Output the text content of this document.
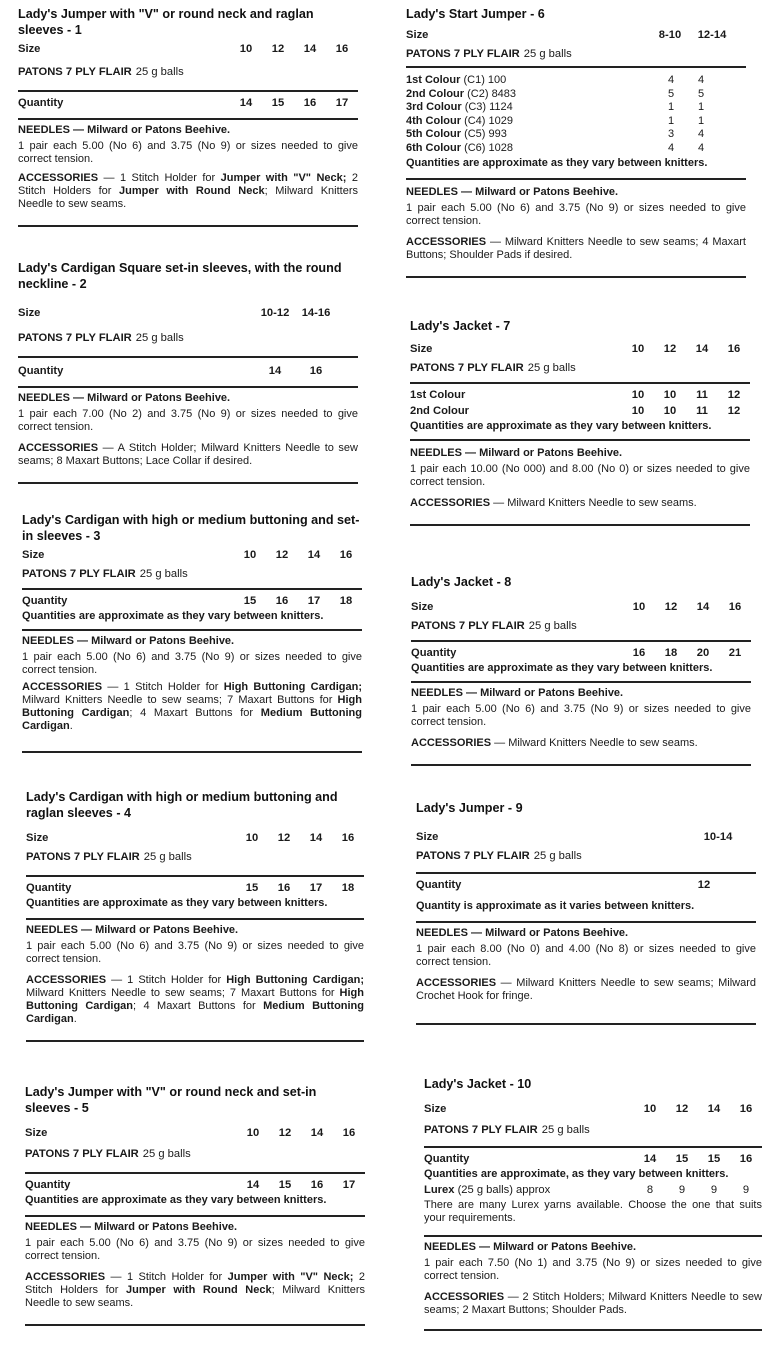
Lady's Jumper with "V" or round neck and raglan sleeves - 1
Size	10	12	14	16
PATONS 7 PLY FLAIR 25 g balls
Quantity	14	15	16	17
NEEDLES — Milward or Patons Beehive.
1 pair each 5.00 (No 6) and 3.75 (No 9) or sizes needed to give correct tension.
ACCESSORIES — 1 Stitch Holder for Jumper with "V" Neck; 2 Stitch Holders for Jumper with Round Neck; Milward Knitters Needle to sew seams.
Lady's Cardigan Square set-in sleeves, with the round neckline - 2
Size	10-12	14-16
PATONS 7 PLY FLAIR 25 g balls
Quantity	14	16
NEEDLES — Milward or Patons Beehive.
1 pair each 7.00 (No 2) and 3.75 (No 9) or sizes needed to give correct tension.
ACCESSORIES — A Stitch Holder; Milward Knitters Needle to sew seams; 8 Maxart Buttons; Lace Collar if desired.
Lady's Cardigan with high or medium buttoning and set-in sleeves - 3
Size	10	12	14	16
PATONS 7 PLY FLAIR 25 g balls
Quantity	15	16	17	18
Quantities are approximate as they vary between knitters.
NEEDLES — Milward or Patons Beehive.
1 pair each 5.00 (No 6) and 3.75 (No 9) or sizes needed to give correct tension.
ACCESSORIES — 1 Stitch Holder for High Buttoning Cardigan; Milward Knitters Needle to sew seams; 7 Maxart Buttons for High Buttoning Cardigan; 4 Maxart Buttons for Medium Buttoning Cardigan.
Lady's Cardigan with high or medium buttoning and raglan sleeves - 4
Size	10	12	14	16
PATONS 7 PLY FLAIR 25 g balls
Quantity	15	16	17	18
Quantities are approximate as they vary between knitters.
NEEDLES — Milward or Patons Beehive.
1 pair each 5.00 (No 6) and 3.75 (No 9) or sizes needed to give correct tension.
ACCESSORIES — 1 Stitch Holder for High Buttoning Cardigan; Milward Knitters Needle to sew seams; 7 Maxart Buttons for High Buttoning Cardigan; 4 Maxart Buttons for Medium Buttoning Cardigan.
Lady's Jumper with "V" or round neck and set-in sleeves - 5
Size	10	12	14	16
PATONS 7 PLY FLAIR 25 g balls
Quantity	14	15	16	17
Quantities are approximate as they vary between knitters.
NEEDLES — Milward or Patons Beehive.
1 pair each 5.00 (No 6) and 3.75 (No 9) or sizes needed to give correct tension.
ACCESSORIES — 1 Stitch Holder for Jumper with "V" Neck; 2 Stitch Holders for Jumper with Round Neck; Milward Knitters Needle to sew seams.
Lady's Start Jumper - 6
Size	8-10	12-14
PATONS 7 PLY FLAIR 25 g balls
1st Colour (C1) 100	4	4
2nd Colour (C2) 8483	5	5
3rd Colour (C3) 1124	1	1
4th Colour (C4) 1029	1	1
5th Colour (C5) 993	3	4
6th Colour (C6) 1028	4	4
Quantities are approximate as they vary between knitters.
NEEDLES — Milward or Patons Beehive.
1 pair each 5.00 (No 6) and 3.75 (No 9) or sizes needed to give correct tension.
ACCESSORIES — Milward Knitters Needle to sew seams; 4 Maxart Buttons; Shoulder Pads if desired.
Lady's Jacket - 7
Size	10	12	14	16
PATONS 7 PLY FLAIR 25 g balls
1st Colour	10	10	11	12
2nd Colour	10	10	11	12
Quantities are approximate as they vary between knitters.
NEEDLES — Milward or Patons Beehive.
1 pair each 10.00 (No 000) and 8.00 (No 0) or sizes needed to give correct tension.
ACCESSORIES — Milward Knitters Needle to sew seams.
Lady's Jacket - 8
Size	10	12	14	16
PATONS 7 PLY FLAIR 25 g balls
Quantity	16	18	20	21
Quantities are approximate as they vary between knitters.
NEEDLES — Milward or Patons Beehive.
1 pair each 5.00 (No 6) and 3.75 (No 9) or sizes needed to give correct tension.
ACCESSORIES — Milward Knitters Needle to sew seams.
Lady's Jumper - 9
Size	10-14
PATONS 7 PLY FLAIR 25 g balls
Quantity	12
Quantity is approximate as it varies between knitters.
NEEDLES — Milward or Patons Beehive.
1 pair each 8.00 (No 0) and 4.00 (No 8) or sizes needed to give correct tension.
ACCESSORIES — Milward Knitters Needle to sew seams; Milward Crochet Hook for fringe.
Lady's Jacket - 10
Size	10	12	14	16
PATONS 7 PLY FLAIR 25 g balls
Quantity	14	15	15	16
Quantities are approximate, as they vary between knitters.
Lurex (25 g balls) approx	8	9	9	9
There are many Lurex yarns available. Choose the one that suits your requirements.
NEEDLES — Milward or Patons Beehive.
1 pair each 7.50 (No 1) and 3.75 (No 9) or sizes needed to give correct tension.
ACCESSORIES — 2 Stitch Holders; Milward Knitters Needle to sew seams; 2 Maxart Buttons; Shoulder Pads.
